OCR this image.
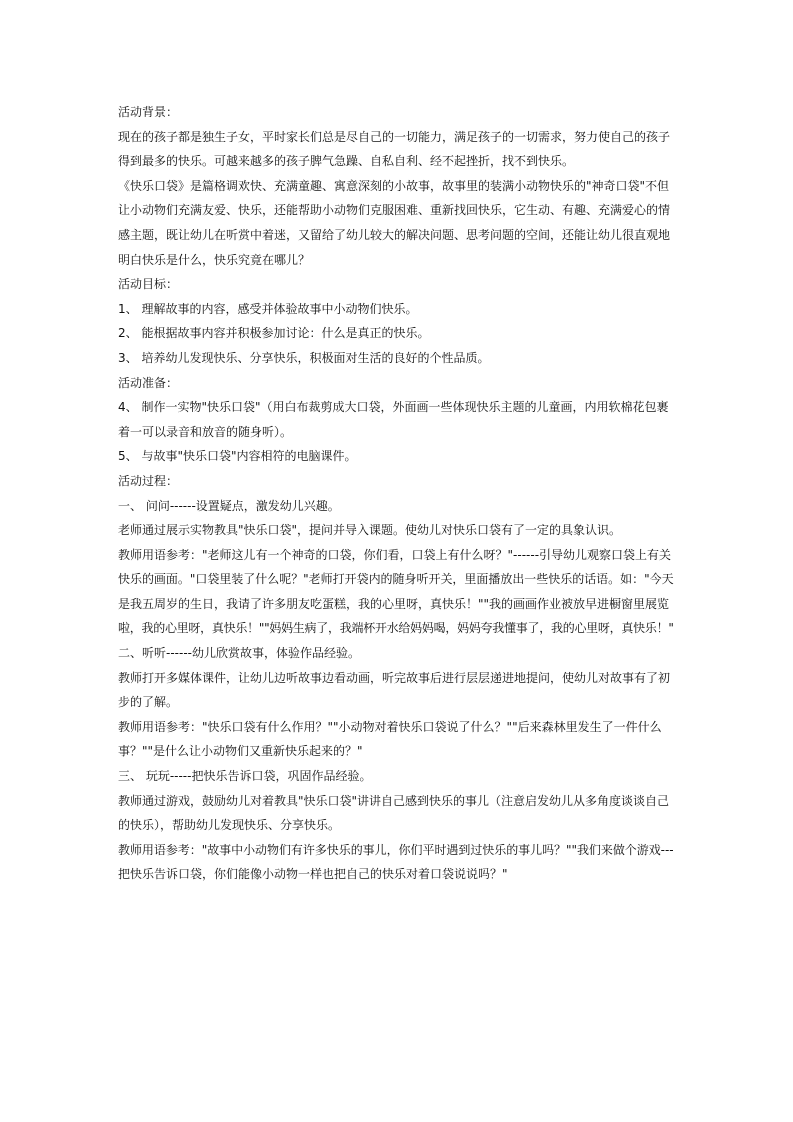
活动背景：
现在的孩子都是独生子女，平时家长们总是尽自己的一切能力，满足孩子的一切需求，努力使自己的孩子
得到最多的快乐。可越来越多的孩子脾气急躁、自私自利、经不起挫折，找不到快乐。
《快乐口袋》是篇格调欢快、充满童趣、寓意深刻的小故事，故事里的装满小动物快乐的"神奇口袋"不但
让小动物们充满友爱、快乐，还能帮助小动物们克服困难、重新找回快乐，它生动、有趣、充满爱心的情
感主题，既让幼儿在听赏中着迷，又留给了幼儿较大的解决问题、思考问题的空间，还能让幼儿很直观地
明白快乐是什么，快乐究竟在哪儿？
活动目标：
1、 理解故事的内容，感受并体验故事中小动物们快乐。
2、 能根据故事内容并积极参加讨论：什么是真正的快乐。
3、 培养幼儿发现快乐、分享快乐，积极面对生活的良好的个性品质。
活动准备：
4、 制作一实物"快乐口袋"（用白布裁剪成大口袋，外面画一些体现快乐主题的儿童画，内用软棉花包裹
着一可以录音和放音的随身听）。
5、 与故事"快乐口袋"内容相符的电脑课件。
活动过程：
一、 问问------设置疑点，激发幼儿兴趣。
老师通过展示实物教具"快乐口袋"，提问并导入课题。使幼儿对快乐口袋有了一定的具象认识。
教师用语参考："老师这儿有一个神奇的口袋，你们看，口袋上有什么呀？"------引导幼儿观察口袋上有关
快乐的画面。"口袋里装了什么呢？"老师打开袋内的随身听开关，里面播放出一些快乐的话语。如："今天
是我五周岁的生日，我请了许多朋友吃蛋糕，我的心里呀，真快乐！""我的画画作业被放早进橱窗里展览
啦，我的心里呀，真快乐！""妈妈生病了，我端杯开水给妈妈喝，妈妈夸我懂事了，我的心里呀，真快乐！"
二、听听------幼儿欣赏故事，体验作品经验。
教师打开多媒体课件，让幼儿边听故事边看动画，听完故事后进行层层递进地提问，使幼儿对故事有了初
步的了解。
教师用语参考："快乐口袋有什么作用？""小动物对着快乐口袋说了什么？""后来森林里发生了一件什么
事？""是什么让小动物们又重新快乐起来的？"
三、 玩玩-----把快乐告诉口袋，巩固作品经验。
教师通过游戏，鼓励幼儿对着教具"快乐口袋"讲讲自己感到快乐的事儿（注意启发幼儿从多角度谈谈自己
的快乐），帮助幼儿发现快乐、分享快乐。
教师用语参考："故事中小动物们有许多快乐的事儿，你们平时遇到过快乐的事儿吗？""我们来做个游戏---
把快乐告诉口袋，你们能像小动物一样也把自己的快乐对着口袋说说吗？"
